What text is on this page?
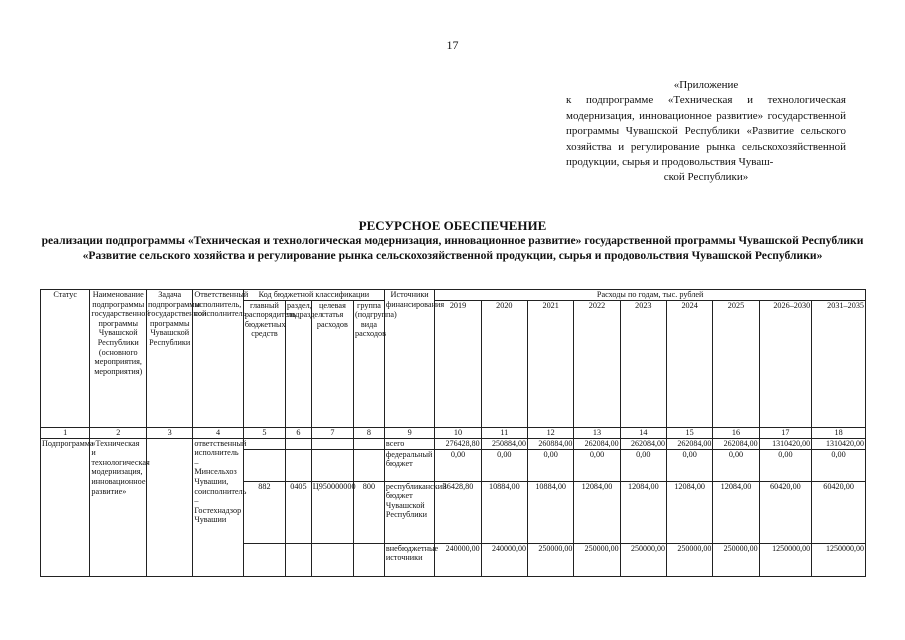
17
«Приложение
к подпрограмме «Техническая и технологическая модернизация, инновационное развитие» государственной программы Чувашской Республики «Развитие сельского хозяйства и регулирование рынка сельскохозяйственной продукции, сырья и продовольствия Чуваш-
ской Республики»
РЕСУРСНОЕ ОБЕСПЕЧЕНИЕ
реализации подпрограммы «Техническая и технологическая модернизация, инновационное развитие» государственной программы Чувашской Республики «Развитие сельского хозяйства и регулирование рынка сельскохозяйственной продукции, сырья и продовольствия Чувашской Республики»
Статус	Наименование подпрограммы государственной программы Чувашской Республики (основного мероприятия, мероприятия)	Задача подпрограммы государственной программы Чувашской Республики	Ответственный исполнитель, соисполнитель	Код бюджетной классификации				Источники финансирования	Расходы по годам, тыс. рублей								
				главный распорядитель бюджетных средств	раздел, подраздел	целевая статья расходов	группа (подгруппа) вида расходов		2019	2020	2021	2022	2023	2024	2025	2026–2030	2031–2035
1	2	3	4	5	6	7	8	9	10	11	12	13	14	15	16	17	18
Подпрограмма	«Техническая и технологическая модернизация, инновационное развитие»		ответственный исполнитель – Минсельхоз Чувашии, соисполнитель – Гостехнадзор Чувашии					всего	276428,80	250884,00	260884,00	262084,00	262084,00	262084,00	262084,00	1310420,00	1310420,00
								федеральный бюджет	0,00	0,00	0,00	0,00	0,00	0,00	0,00	0,00	0,00
				882	0405	Ц950000000	800	республиканский бюджет Чувашской Республики	36428,80	10884,00	10884,00	12084,00	12084,00	12084,00	12084,00	60420,00	60420,00
								внебюджетные источники	240000,00	240000,00	250000,00	250000,00	250000,00	250000,00	250000,00	1250000,00	1250000,00
